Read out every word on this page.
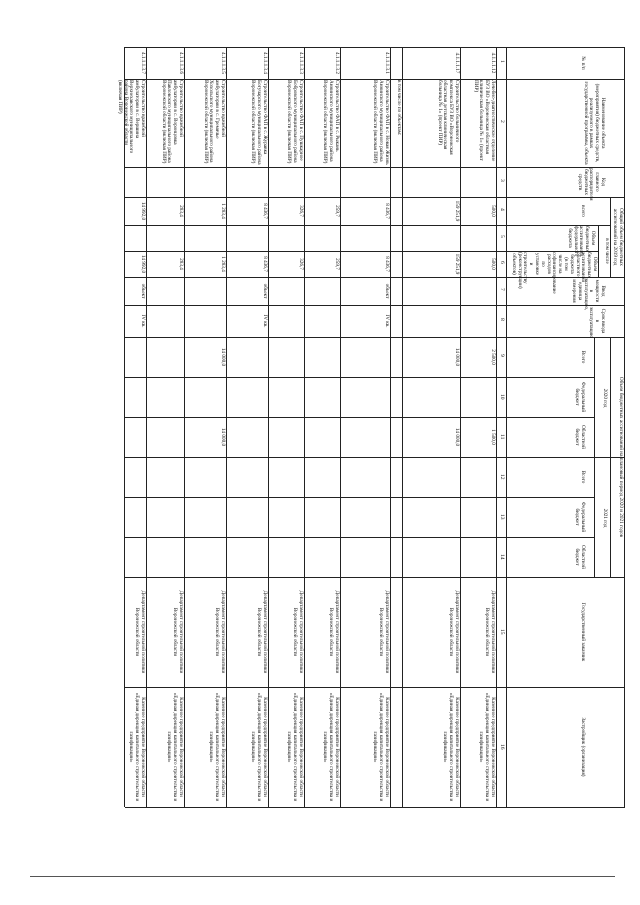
№ п/п
Наименование объекта (мероприятия) бюджетных средств, реализуемого в рамках государственной программы, объекта
Код главного распорядителя бюджетных средств
Общий объем бюджетных ассигнований на 2019 год
всего
в том числе
Объем бюджетных ассигнований федерального бюджета
Объем бюджетных ассигнований областного бюджета (в том числе на софинансирование расходов по установке и строительству (реконструкции) объектов)
Ввод мощности в эксплуатацию, единица измерения
Срок ввода в эксплуатацию
Объем бюджетных ассигнований на плановый период 2020 и 2021 годов
2020 год
2021 год
Всего
Федеральный бюджет
Областной бюджет
Всего
Федеральный бюджет
Областной бюджет
Государственный заказчик
Застройщик (организация)
1
2
3
4
5
6
7
8
9
10
11
12
13
14
15
16
4.1.1.1.12
Лечебно-диагностическое отделение БУЗ ВО «Воронежская областная клиническая больница № 1» (проект ПИР)
500,0
500,0
2 500,0
1 500,0
Департамент строительной политики Воронежской области
Казенное предприятие Воронежской области «Единая дирекция капитального строительства и газификации»
4.1.1.1.17
Строительство больничного комплекса БУЗ ВО «Воронежская областная детская клиническая больница № 1» (проект ПИР)
159 251,9
159 251,9
14 000,0
14 000,0
Департамент строительной политики Воронежской области
Казенное предприятие Воронежской области «Единая дирекция капитального строительства и газификации»
в том числе по объектам:
4.1.1.1.3.1
Строительство ФАП в с. Новая Жизнь Аннинского муниципального района Воронежской области (включая ПИР)
8 436,7
8 436,7
объект
IV кв.
Департамент строительной политики Воронежской области
Казенное предприятие Воронежской области «Единая дирекция капитального строительства и газификации»
4.1.1.1.3.2
Строительство ФАП в с. Рыкань Аннинского муниципального района Воронежской области (включая ПИР)
259,7
259,7
Департамент строительной политики Воронежской области
Казенное предприятие Воронежской области «Единая дирекция капитального строительства и газификации»
4.1.1.1.3.3
Строительство ФАП в с. Пушкарное Бобровского муниципального района Воронежской области (включая ПИР)
326,7
326,7
Департамент строительной политики Воронежской области
Казенное предприятие Воронежской области «Единая дирекция капитального строительства и газификации»
4.1.1.1.3.4
Строительство ФАП в с. Журавка Богучарского муниципального района Воронежской области (включая ПИР)
8 436,7
8 436,7
объект
IV кв.
Департамент строительной политики Воронежской области
Казенное предприятие Воронежской области «Единая дирекция капитального строительства и газификации»
4.1.1.1.3.5
Строительство врачебной амбулатории в с. Гремячье Хохольского муниципального района Воронежской области (включая ПИР)
1 283,4
1 283,4
14 000,0
14 000,0
Департамент строительной политики Воронежской области
Казенное предприятие Воронежской области «Единая дирекция капитального строительства и газификации»
4.1.1.1.3.6
Строительство врачебной амбулатории в с. Воронцовка Павловского муниципального района Воронежской области (включая ПИР)
283,4
283,4
Департамент строительной политики Воронежской области
Казенное предприятие Воронежской области «Единая дирекция капитального строительства и газификации»
4.1.1.1.3.7
Строительство врачебной амбулатории в с. Вершина Верхнехавского муниципального района Воронежской области (включая ПИР)
14 992,0
14 992,0
объект
IV кв.
Департамент строительной политики Воронежской области
Казенное предприятие Воронежской области «Единая дирекция капитального строительства и газификации»
